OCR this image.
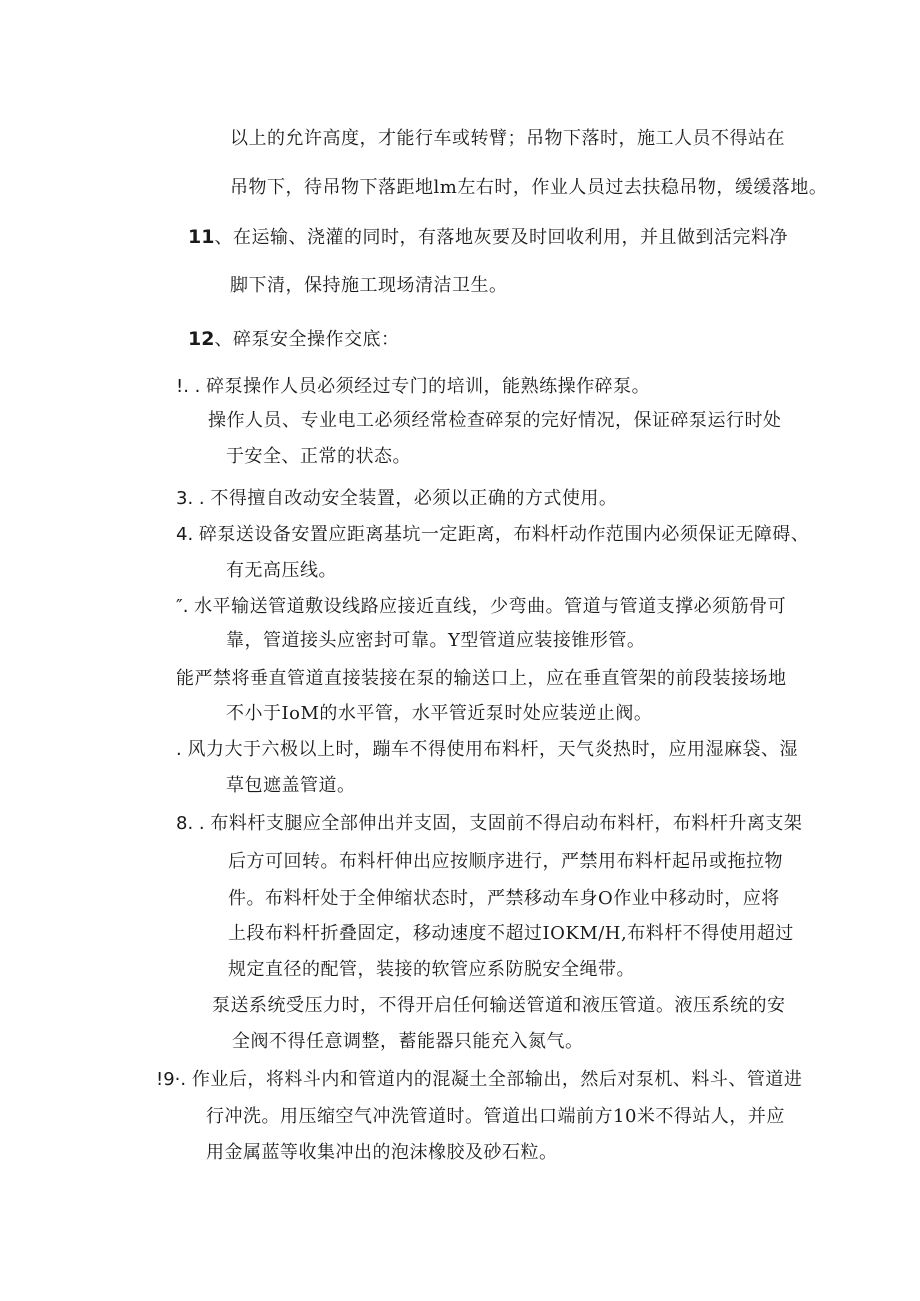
以上的允许高度，才能行车或转臂；吊物下落时，施工人员不得站在
吊物下，待吊物下落距地lm左右时，作业人员过去扶稳吊物，缓缓落地。
11、在运输、浇灌的同时，有落地灰要及时回收利用，并且做到活完料净
脚下清，保持施工现场清洁卫生。
12、碎泵安全操作交底：
!. . 碎泵操作人员必须经过专门的培训，能熟练操作碎泵。
操作人员、专业电工必须经常检查碎泵的完好情况，保证碎泵运行时处
于安全、正常的状态。
3. . 不得擅自改动安全装置，必须以正确的方式使用。
4. 碎泵送设备安置应距离基坑一定距离，布料杆动作范围内必须保证无障碍、
有无高压线。
″. 水平输送管道敷设线路应接近直线，少弯曲。管道与管道支撑必须筋骨可
靠，管道接头应密封可靠。Y型管道应装接锥形管。
能严禁将垂直管道直接装接在泵的输送口上，应在垂直管架的前段装接场地
不小于IoM的水平管，水平管近泵时处应装逆止阀。
. 风力大于六极以上时，蹦车不得使用布料杆，天气炎热时，应用湿麻袋、湿
草包遮盖管道。
8. . 布料杆支腿应全部伸出并支固，支固前不得启动布料杆，布料杆升离支架
后方可回转。布料杆伸出应按顺序进行，严禁用布料杆起吊或拖拉物
件。布料杆处于全伸缩状态时，严禁移动车身O作业中移动时，应将
上段布料杆折叠固定，移动速度不超过IOKM/H,布料杆不得使用超过
规定直径的配管，装接的软管应系防脱安全绳带。
泵送系统受压力时，不得开启任何输送管道和液压管道。液压系统的安
全阀不得任意调整，蓄能器只能充入氮气。
!9·. 作业后，将料斗内和管道内的混凝土全部输出，然后对泵机、料斗、管道进
行冲洗。用压缩空气冲洗管道时。管道出口端前方10米不得站人，并应
用金属蓝等收集冲出的泡沫橡胶及砂石粒。
